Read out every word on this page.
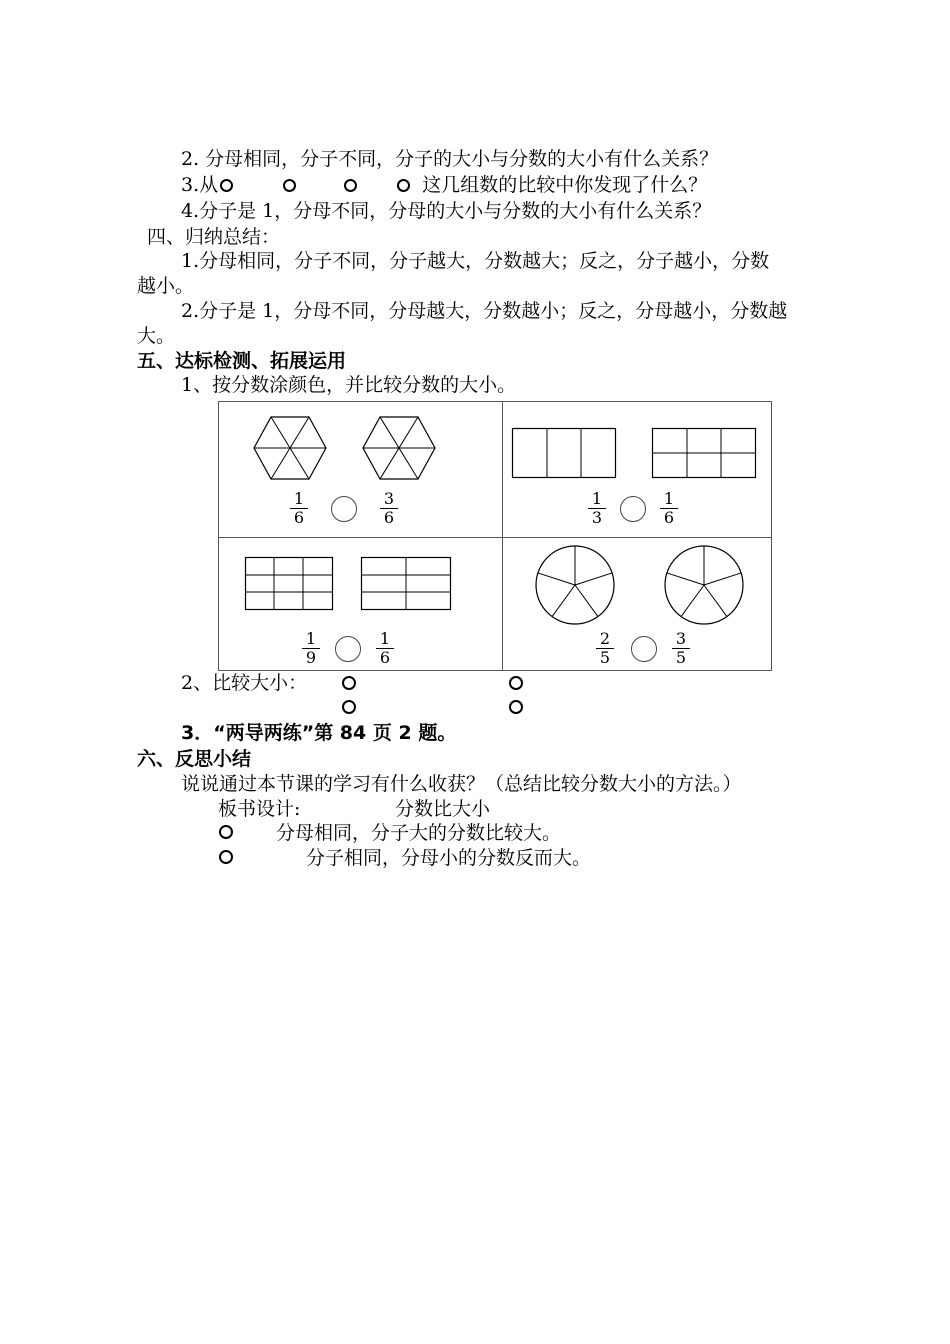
2. 分母相同，分子不同，分子的大小与分数的大小有什么关系？
3.从	这几组数的比较中你发现了什么？
4.分子是 1，分母不同，分母的大小与分数的大小有什么关系？
四、归纳总结：
1.分母相同，分子不同，分子越大，分数越大；反之，分子越小，分数
越小。
2.分子是 1，分母不同，分母越大，分数越小；反之，分母越小，分数越
大。
五、达标检测、拓展运用
1、按分数涂颜色，并比较分数的大小。
1
6
3
6
1
3
1
6
1
9
1
6
2
5
3
5
2、比较大小：
3．“两导两练”第 84 页 2 题。
六、反思小结
说说通过本节课的学习有什么收获？（总结比较分数大小的方法。）
板书设计:	分数比大小
分母相同，分子大的分数比较大。
分子相同，分母小的分数反而大。
